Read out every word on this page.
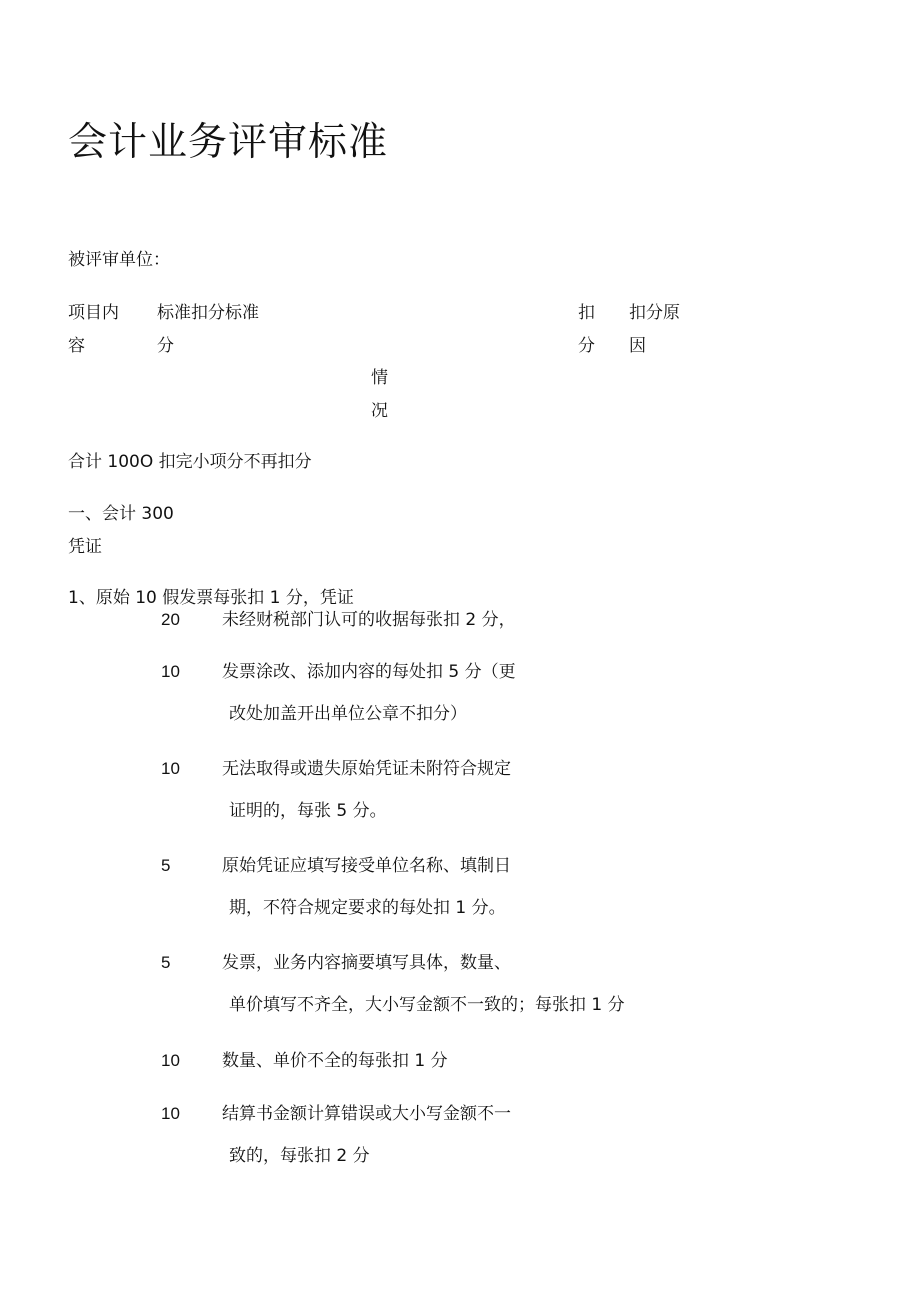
会计业务评审标准
被评审单位：
项目内
容
标准扣分标准
分
扣
分
扣分原
因
情
况
合计 100O 扣完小项分不再扣分
一、会计 300
凭证
1、原始 10 假发票每张扣 1 分，凭证
20 未经财税部门认可的收据每张扣 2 分，
10 发票涂改、添加内容的每处扣 5 分（更
改处加盖开出单位公章不扣分）
10 无法取得或遗失原始凭证未附符合规定
证明的，每张 5 分。
5	原始凭证应填写接受单位名称、填制日
期，不符合规定要求的每处扣 1 分。
5	发票，业务内容摘要填写具体，数量、
单价填写不齐全，大小写金额不一致的；每张扣 1 分
10 数量、单价不全的每张扣 1 分
10 结算书金额计算错误或大小写金额不一
致的，每张扣 2 分
